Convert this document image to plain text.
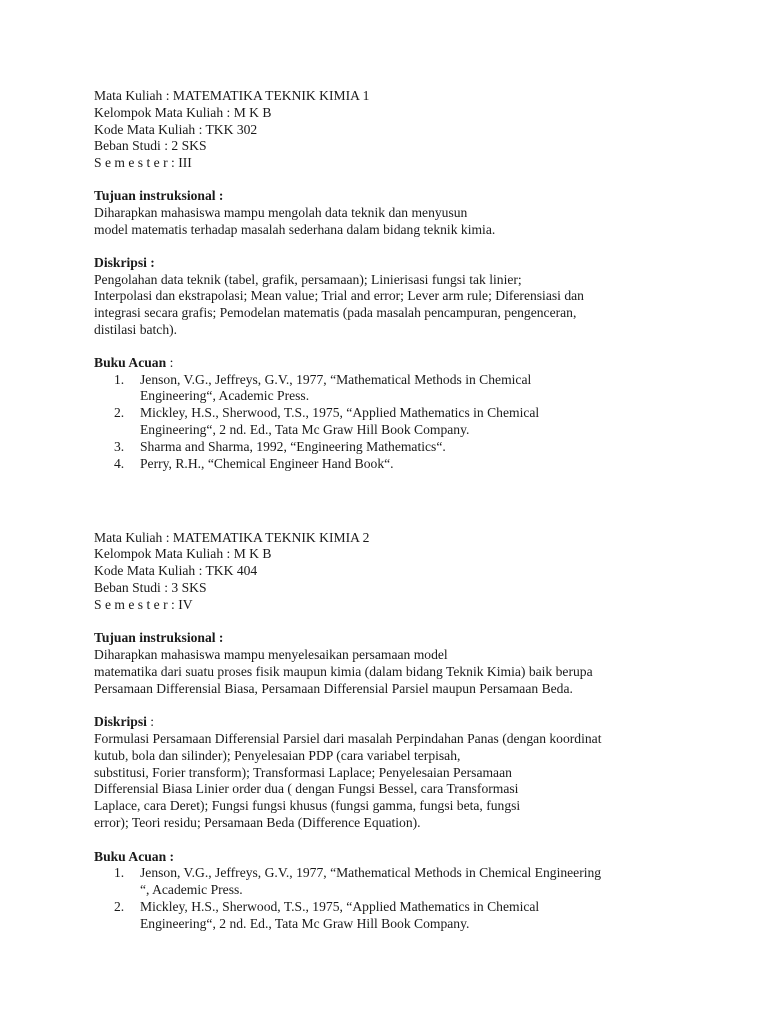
Mata Kuliah : MATEMATIKA TEKNIK KIMIA 1
Kelompok Mata Kuliah : M K B
Kode Mata Kuliah : TKK 302
Beban Studi : 2 SKS
S e m e s t e r : III
Tujuan instruksional :
Diharapkan mahasiswa mampu mengolah data teknik dan menyusun
model matematis terhadap masalah sederhana dalam bidang teknik kimia.
Diskripsi :
Pengolahan data teknik (tabel, grafik, persamaan); Linierisasi fungsi tak linier;
Interpolasi dan ekstrapolasi; Mean value; Trial and error; Lever arm rule; Diferensiasi dan
integrasi secara grafis; Pemodelan matematis (pada masalah pencampuran, pengenceran,
distilasi batch).
Buku Acuan :
1. Jenson, V.G., Jeffreys, G.V., 1977, “Mathematical Methods in Chemical
Engineering“, Academic Press.
2. Mickley, H.S., Sherwood, T.S., 1975, “Applied Mathematics in Chemical
Engineering“, 2 nd. Ed., Tata Mc Graw Hill Book Company.
3. Sharma and Sharma, 1992, “Engineering Mathematics“.
4. Perry, R.H., “Chemical Engineer Hand Book“.
Mata Kuliah : MATEMATIKA TEKNIK KIMIA 2
Kelompok Mata Kuliah : M K B
Kode Mata Kuliah : TKK 404
Beban Studi : 3 SKS
S e m e s t e r : IV
Tujuan instruksional :
Diharapkan mahasiswa mampu menyelesaikan persamaan model
matematika dari suatu proses fisik maupun kimia (dalam bidang Teknik Kimia) baik berupa
Persamaan Differensial Biasa, Persamaan Differensial Parsiel maupun Persamaan Beda.
Diskripsi :
Formulasi Persamaan Differensial Parsiel dari masalah Perpindahan Panas (dengan koordinat
kutub, bola dan silinder); Penyelesaian PDP (cara variabel terpisah,
substitusi, Forier transform); Transformasi Laplace; Penyelesaian Persamaan
Differensial Biasa Linier order dua ( dengan Fungsi Bessel, cara Transformasi
Laplace, cara Deret); Fungsi fungsi khusus (fungsi gamma, fungsi beta, fungsi
error); Teori residu; Persamaan Beda (Difference Equation).
Buku Acuan :
1. Jenson, V.G., Jeffreys, G.V., 1977, “Mathematical Methods in Chemical Engineering
“, Academic Press.
2. Mickley, H.S., Sherwood, T.S., 1975, “Applied Mathematics in Chemical
Engineering“, 2 nd. Ed., Tata Mc Graw Hill Book Company.
